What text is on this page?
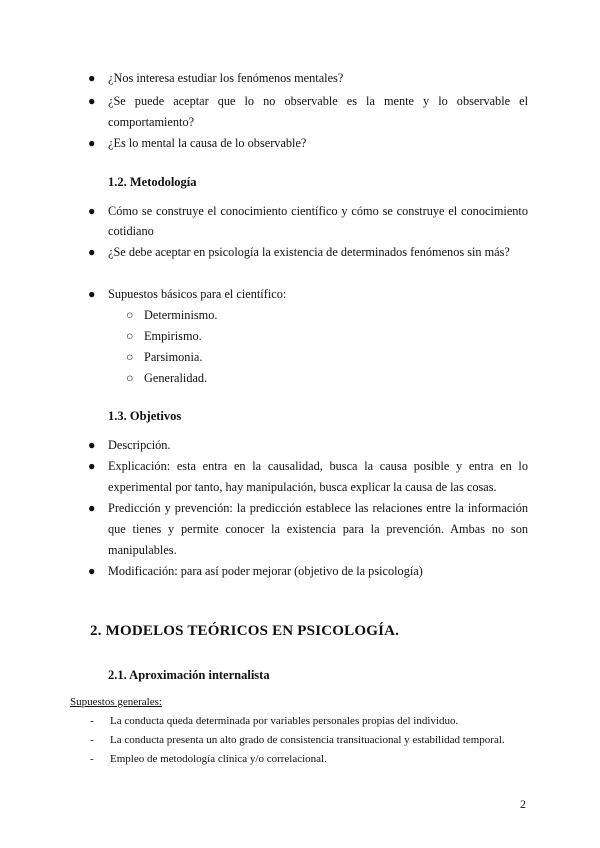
●	¿Nos interesa estudiar los fenómenos mentales?
●	¿Se puede aceptar que lo no observable es la mente y lo observable el
comportamiento?
●	¿Es lo mental la causa de lo observable?
1.2. Metodología
●	Cómo se construye el conocimiento científico y cómo se construye el conocimiento
cotidiano
●	¿Se debe aceptar en psicología la existencia de determinados fenómenos sin más?
●	Supuestos básicos para el científico:
○ Determinismo.
○ Empirismo.
○ Parsimonia.
○ Generalidad.
1.3. Objetivos
●	Descripción.
●	Explicación: esta entra en la causalidad, busca la causa posible y entra en lo
experimental por tanto, hay manipulación, busca explicar la causa de las cosas.
●	Predicción y prevención: la predicción establece las relaciones entre la información
que tienes y permite conocer la existencia para la prevención. Ambas no son
manipulables.
●	Modificación: para así poder mejorar (objetivo de la psicología)
2. MODELOS TEÓRICOS EN PSICOLOGÍA.
2.1. Aproximación internalista
Supuestos generales:
- La conducta queda determinada por variables personales propias del individuo.
- La conducta presenta un alto grado de consistencia transituacional y estabilidad temporal.
- Empleo de metodología clínica y/o correlacional.
2
